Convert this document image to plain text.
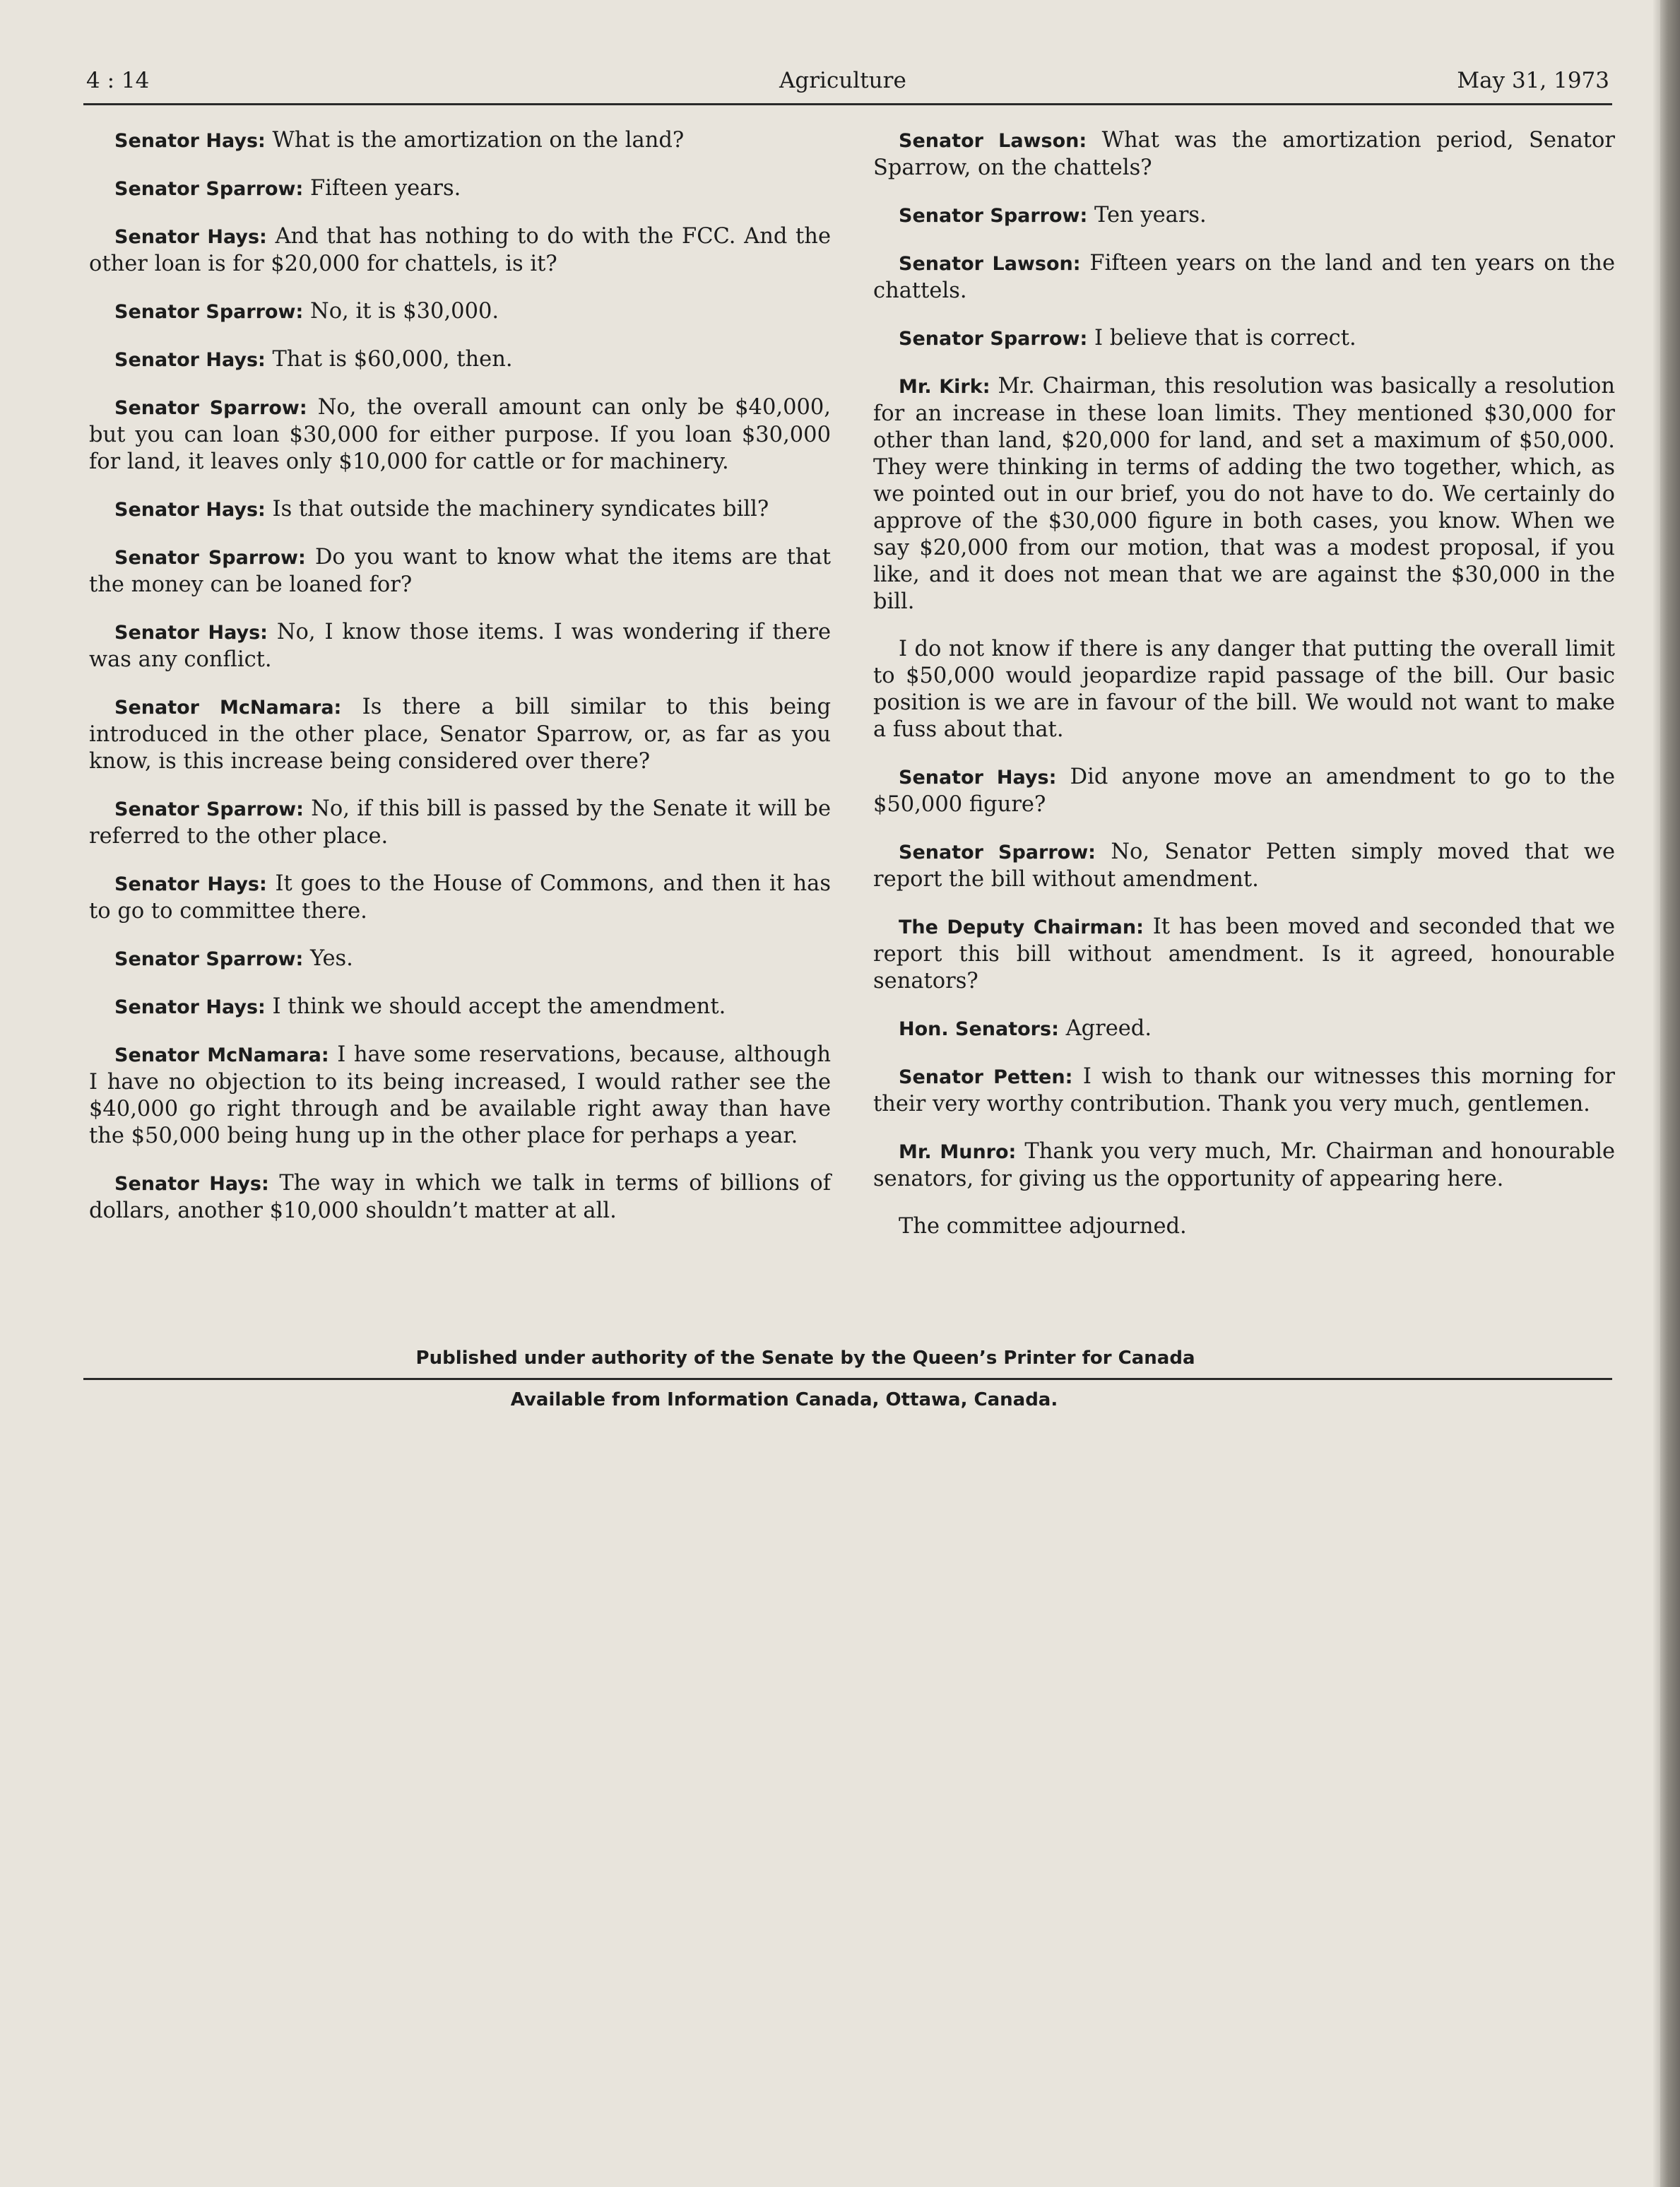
4 : 14	Agriculture	May 31, 1973

Senator Hays: What is the amortization on the land?

Senator Sparrow: Fifteen years.

Senator Hays: And that has nothing to do with the FCC. And the other loan is for $20,000 for chattels, is it?

Senator Sparrow: No, it is $30,000.

Senator Hays: That is $60,000, then.

Senator Sparrow: No, the overall amount can only be $40,000, but you can loan $30,000 for either purpose. If you loan $30,000 for land, it leaves only $10,000 for cattle or for machinery.

Senator Hays: Is that outside the machinery syndicates bill?

Senator Sparrow: Do you want to know what the items are that the money can be loaned for?

Senator Hays: No, I know those items. I was wondering if there was any conflict.

Senator McNamara: Is there a bill similar to this being introduced in the other place, Senator Sparrow, or, as far as you know, is this increase being considered over there?

Senator Sparrow: No, if this bill is passed by the Senate it will be referred to the other place.

Senator Hays: It goes to the House of Commons, and then it has to go to committee there.

Senator Sparrow: Yes.

Senator Hays: I think we should accept the amendment.

Senator McNamara: I have some reservations, because, although I have no objection to its being increased, I would rather see the $40,000 go right through and be available right away than have the $50,000 being hung up in the other place for perhaps a year.

Senator Hays: The way in which we talk in terms of billions of dollars, another $10,000 shouldn’t matter at all.

Senator Lawson: What was the amortization period, Senator Sparrow, on the chattels?

Senator Sparrow: Ten years.

Senator Lawson: Fifteen years on the land and ten years on the chattels.

Senator Sparrow: I believe that is correct.

Mr. Kirk: Mr. Chairman, this resolution was basically a resolution for an increase in these loan limits. They mentioned $30,000 for other than land, $20,000 for land, and set a maximum of $50,000. They were thinking in terms of adding the two together, which, as we pointed out in our brief, you do not have to do. We certainly do approve of the $30,000 figure in both cases, you know. When we say $20,000 from our motion, that was a modest proposal, if you like, and it does not mean that we are against the $30,000 in the bill.

I do not know if there is any danger that putting the overall limit to $50,000 would jeopardize rapid passage of the bill. Our basic position is we are in favour of the bill. We would not want to make a fuss about that.

Senator Hays: Did anyone move an amendment to go to the $50,000 figure?

Senator Sparrow: No, Senator Petten simply moved that we report the bill without amendment.

The Deputy Chairman: It has been moved and seconded that we report this bill without amendment. Is it agreed, honourable senators?

Hon. Senators: Agreed.

Senator Petten: I wish to thank our witnesses this morning for their very worthy contribution. Thank you very much, gentlemen.

Mr. Munro: Thank you very much, Mr. Chairman and honourable senators, for giving us the opportunity of appearing here.

The committee adjourned.

Published under authority of the Senate by the Queen’s Printer for Canada
Available from Information Canada, Ottawa, Canada.
